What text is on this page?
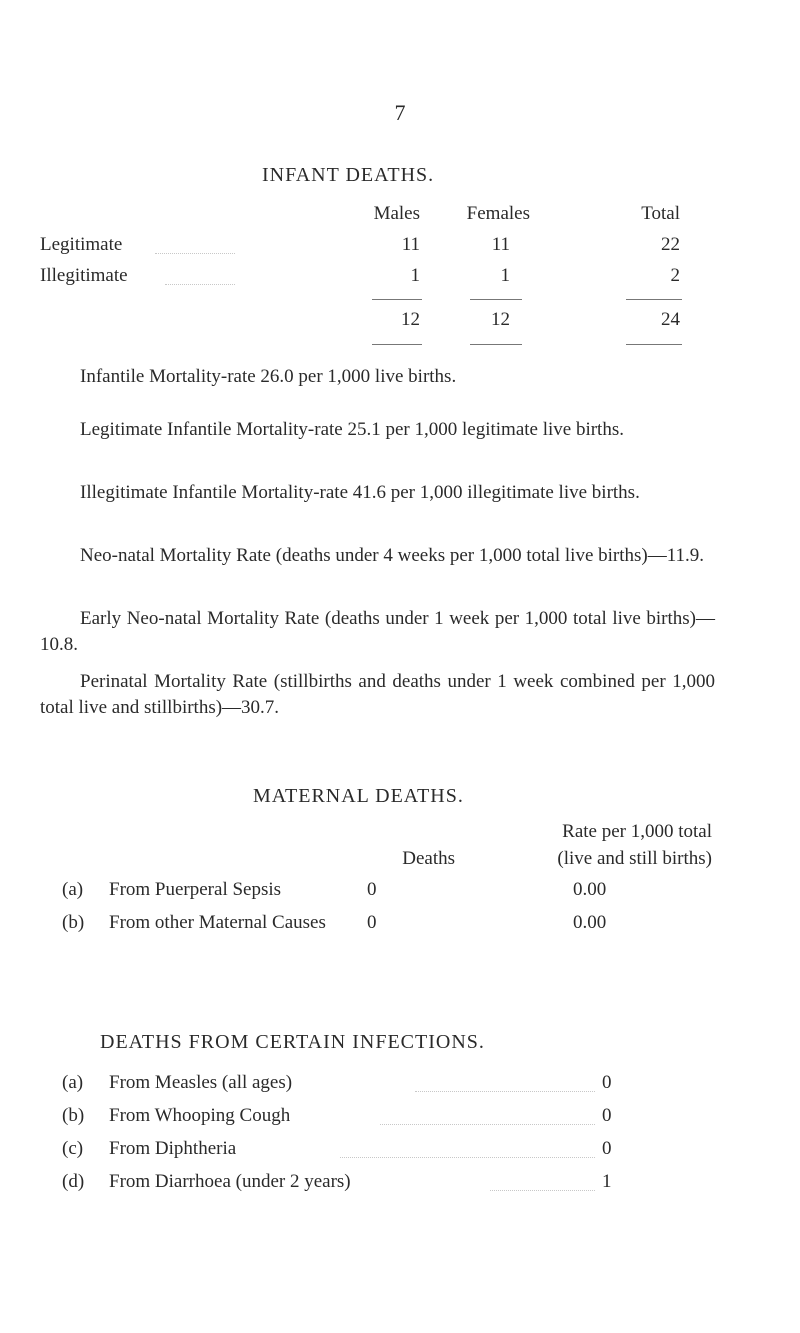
7
INFANT DEATHS.
Males	Females	Total
Legitimate	11	11	22
Illegitimate	1	1	2
12	12	24

Infantile Mortality-rate 26.0 per 1,000 live births.

Legitimate Infantile Mortality-rate 25.1 per 1,000 legitimate live births.

Illegitimate Infantile Mortality-rate 41.6 per 1,000 illegitimate live births.

Neo-natal Mortality Rate (deaths under 4 weeks per 1,000 total live births)—11.9.

Early Neo-natal Mortality Rate (deaths under 1 week per 1,000 total live births)—10.8.

Perinatal Mortality Rate (stillbirths and deaths under 1 week combined per 1,000 total live and stillbirths)—30.7.

MATERNAL DEATHS.
Rate per 1,000 total
Deaths	(live and still births)
(a) From Puerperal Sepsis	0	0.00
(b) From other Maternal Causes 0	0.00
DEATHS FROM CERTAIN INFECTIONS.
(a) From Measles (all ages)	0
(b) From Whooping Cough	0
(c) From Diphtheria	0
(d) From Diarrhoea (under 2 years)	1
